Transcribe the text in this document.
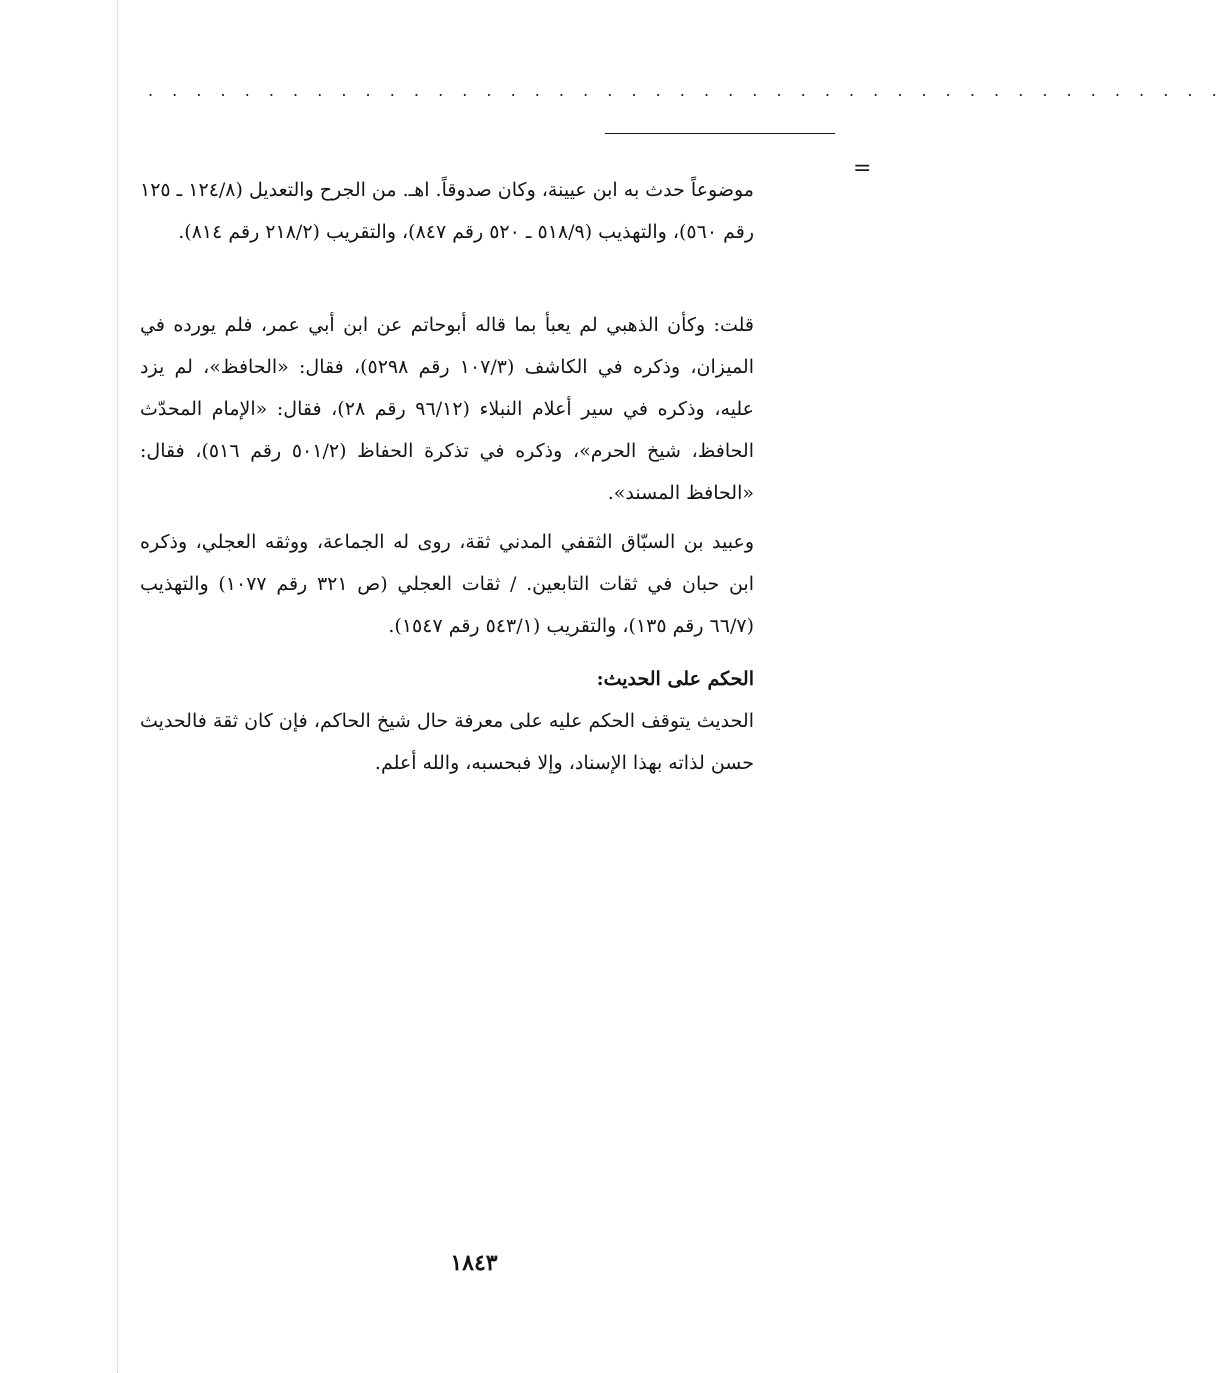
. . . . . . . . . . . . . . . . . . . . . . . . . . . . . . . . . . . . . . . . . . . . .
=

موضوعاً حدث به ابن عيينة، وكان صدوقاً. اهـ. من الجرح والتعديل (١٢٤/٨ ـ ١٢٥ رقم ٥٦٠)، والتهذيب (٥١٨/٩ ـ ٥٢٠ رقم ٨٤٧)، والتقريب (٢١٨/٢ رقم ٨١٤).

قلت: وكأن الذهبي لم يعبأ بما قاله أبوحاتم عن ابن أبي عمر، فلم يورده في الميزان، وذكره في الكاشف (١٠٧/٣ رقم ٥٢٩٨)، فقال: «الحافظ»، لم يزد عليه، وذكره في سير أعلام النبلاء (٩٦/١٢ رقم ٢٨)، فقال: «الإمام المحدّث الحافظ، شيخ الحرم»، وذكره في تذكرة الحفاظ (٥٠١/٢ رقم ٥١٦)، فقال: «الحافظ المسند».

وعبيد بن السبّاق الثقفي المدني ثقة، روى له الجماعة، ووثقه العجلي، وذكره ابن حبان في ثقات التابعين. / ثقات العجلي (ص ٣٢١ رقم ١٠٧٧) والتهذيب (٦٦/٧ رقم ١٣٥)، والتقريب (٥٤٣/١ رقم ١٥٤٧).

الحكم على الحديث:
الحديث يتوقف الحكم عليه على معرفة حال شيخ الحاكم، فإن كان ثقة فالحديث حسن لذاته بهذا الإسناد، وإلا فبحسبه، والله أعلم.
١٨٤٣
